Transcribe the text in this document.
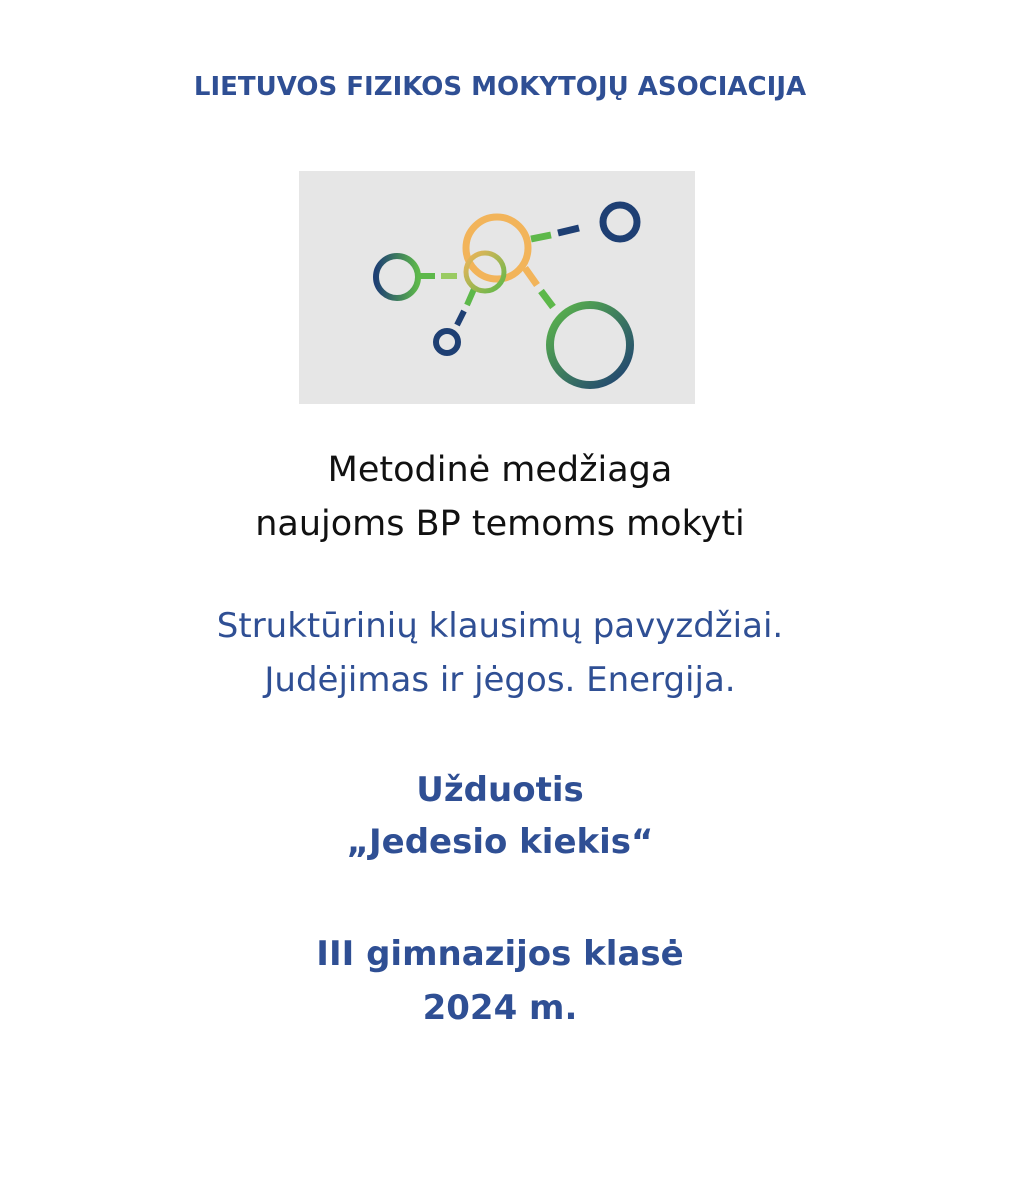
LIETUVOS FIZIKOS MOKYTOJŲ ASOCIACIJA
Metodinė medžiaga
naujoms BP temoms mokyti
Struktūrinių klausimų pavyzdžiai.
Judėjimas ir jėgos. Energija.
Užduotis
„Jedesio kiekis“
III gimnazijos klasė
2024 m.
